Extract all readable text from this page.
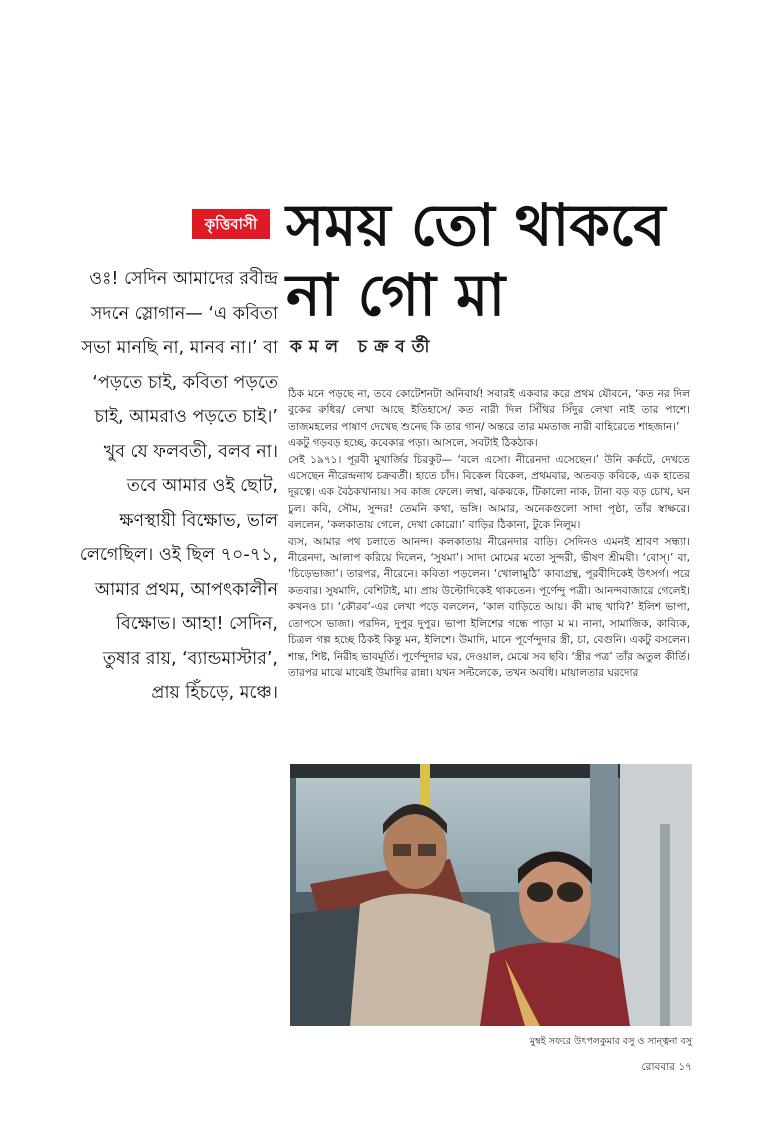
কৃত্তিবাসী সময় তো থাকবে
না গো মা
কমল চক্রবর্তী

ওঃ! সেদিন আমাদের রবীন্দ্র সদনে স্লোগান— ‘এ কবিতা সভা মানছি না, মানব না।’ বা ‘পড়তে চাই, কবিতা পড়তে চাই, আমরাও পড়তে চাই।’ খুব যে ফলবতী, বলব না। তবে আমার ওই ছোট, ক্ষণস্থায়ী বিক্ষোভ, ভাল লেগেছিল। ওই ছিল ৭০-৭১, আমার প্রথম, আপৎকালীন বিক্ষোভ। আহা! সেদিন, তুষার রায়, ‘ব্যান্ডমাস্টার’, প্রায় হিঁচড়ে, মঞ্চে।

ঠিক মনে পড়ছে না, তবে কোটেশনটা অনিবার্য! সবারই একবার করে প্রথম যৌবনে, ‘কত নর দিল বুকের রুধির/ লেখা আছে ইতিহাসে/ কত নারী দিল সিঁথির সিঁদুর লেখা নাই তার পাশে। তাজমহলের পাষাণ দেখেছ শুনেছ কি তার গান/ অন্তরে তার মমতাজ নারী বাহিরেতে শাহজান।’

একটু গড়বড় হচ্ছে, কবেকার পড়া। আসলে, সবটাই ঠিকঠাক।

সেই ১৯৭১। পূরবী মুখার্জির চিরকুট— ‘বলে এসো। নীরেনদা এসেছেন।’ উনি কর্কটে, দেখতে এসেছেন নীরেন্দ্রনাথ চক্রবর্তী। হাতে চাঁদ। বিকেল বিকেল, প্রথমবার, অতবড় কবিকে, এক হাতের দূরত্বে। এক বৈঠকখানায়। সব কাজ ফেলে। লম্বা, ঝকঝকে, টিকালো নাক, টানা বড় বড় চোখ, ঘন চুল। কবি, সৌম, সুন্দর! তেমনি কথা, ভঙ্গি। আমার, অনেকগুলো সাদা পৃষ্ঠা, তাঁর স্বাক্ষরে। বললেন, ‘কলকাতায় গেলে, দেখা কোরো।’ বাড়ির ঠিকানা, টুকে নিলুম।

ব্যস, আমার পথ চলাতে আনন্দ। কলকাতায় নীরেনদার বাড়ি। সেদিনও এমনই শ্রাবণ সন্ধ্যা। নীরেনদা, আলাপ করিয়ে দিলেন, ‘সুষমা’। সাদা মোমের মতো সুন্দরী, ভীষণ শ্রীময়ী। ‘বোস্।’ বা, ‘চিড়েভাজা’। তারপর, নীরেনে। কবিতা পড়লেন। ‘খোলামুঠি’ কাব্যগ্রন্থ, পূরবীদিকেই উৎসর্গ। পরে কতবার। সুষমাদি, বেশিটাই, মা। প্রায় উল্টোদিকেই থাকতেন। পূর্ণেন্দু পত্রী। আনন্দবাজারে গেলেই। কখনও চা। ‘কৌরব’-এর লেখা পড়ে বললেন, ‘কাল বাড়িতে আয়। কী মাছ খাবি?’ ইলিশ ভাপা, তোপসে ভাজা। পরদিন, দুপুর দুপুর। ভাপা ইলিশের গন্ধে পাড়া ম ম। নানা, সামাজিক, কাব্যিক, চিত্রল গল্প হচ্ছে ঠিকই কিন্তু মন, ইলিশে। উমাদি, মানে পূর্ণেন্দুদার স্ত্রী, চা, বেগুনি। একটু বসলেন। শান্ত, শিষ্ট, নিরীহ ভাবমূর্তি। পূর্ণেন্দুদার ঘর, দেওয়াল, মেঝে সব ছবি। ‘স্ত্রীর পত্র’ তাঁর অতুল কীর্তি। তারপর মাঝে মাঝেই উমাদির রান্না। যখন সল্টলেকে, তখন অবধি। মায়ালতার ঘরদোর

মুম্বই সফরে উৎপলকুমার বসু ও সান্ত্বনা বসু
রোববার ১৭
